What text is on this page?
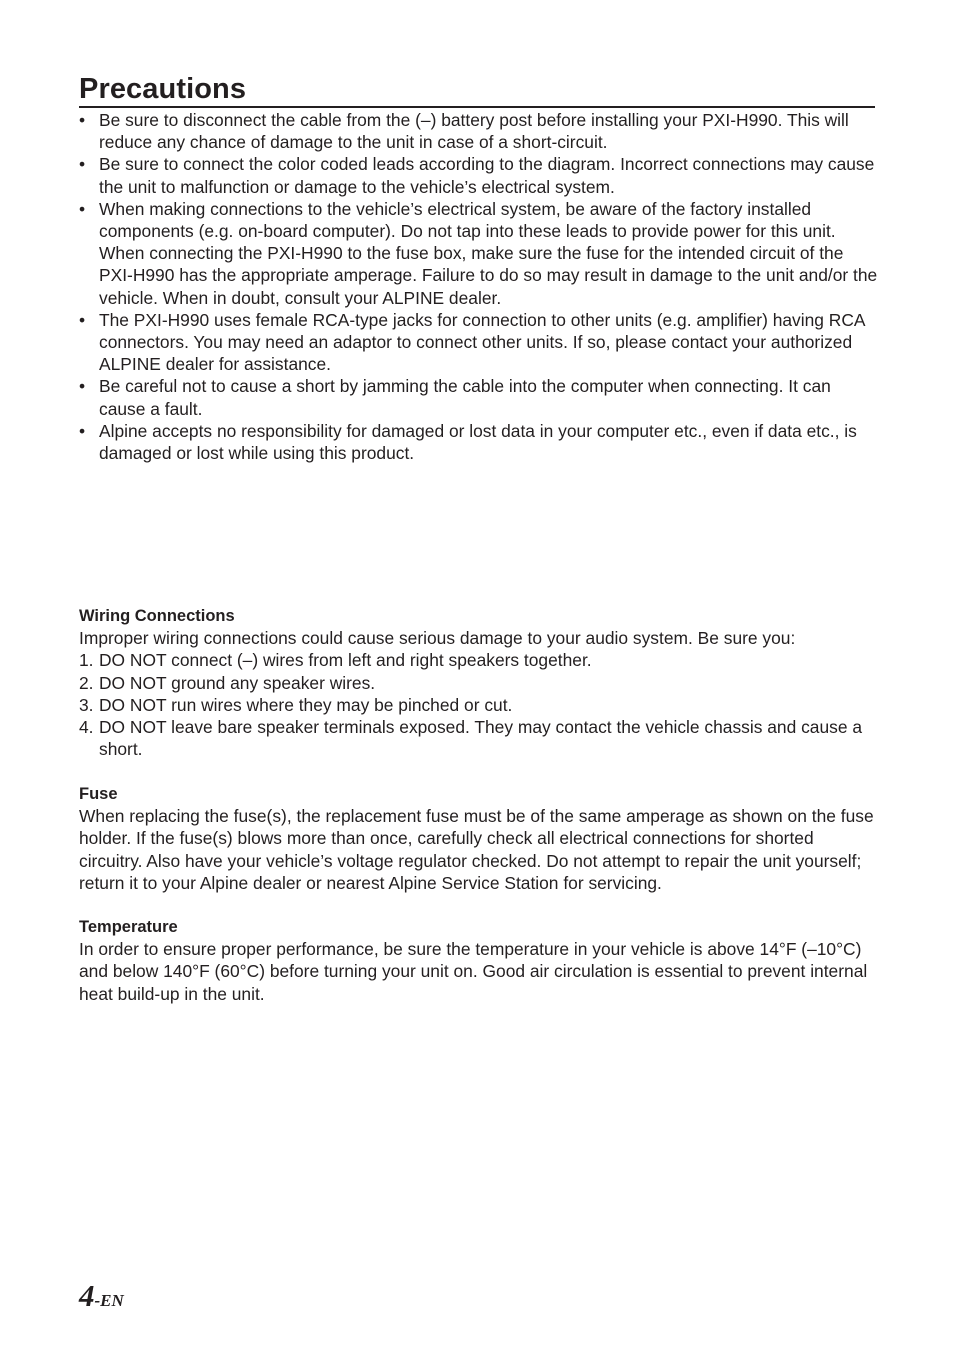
Precautions
• Be sure to disconnect the cable from the (–) battery post before installing your PXI-H990. This will reduce any chance of damage to the unit in case of a short-circuit.
• Be sure to connect the color coded leads according to the diagram. Incorrect connections may cause the unit to malfunction or damage to the vehicle’s electrical system.
• When making connections to the vehicle’s electrical system, be aware of the factory installed components (e.g. on-board computer). Do not tap into these leads to provide power for this unit. When connecting the PXI-H990 to the fuse box, make sure the fuse for the intended circuit of the PXI-H990 has the appropriate amperage. Failure to do so may result in damage to the unit and/or the vehicle. When in doubt, consult your ALPINE dealer.
• The PXI-H990 uses female RCA-type jacks for connection to other units (e.g. amplifier) having RCA connectors. You may need an adaptor to connect other units. If so, please contact your authorized ALPINE dealer for assistance.
• Be careful not to cause a short by jamming the cable into the computer when connecting. It can cause a fault.
• Alpine accepts no responsibility for damaged or lost data in your computer etc., even if data etc., is damaged or lost while using this product.
Wiring Connections

Improper wiring connections could cause serious damage to your audio system. Be sure you:

1. DO NOT connect (–) wires from left and right speakers together.
2. DO NOT ground any speaker wires.
3. DO NOT run wires where they may be pinched or cut.
4. DO NOT leave bare speaker terminals exposed. They may contact the vehicle chassis and cause a short.
Fuse

When replacing the fuse(s), the replacement fuse must be of the same amperage as shown on the fuse holder. If the fuse(s) blows more than once, carefully check all electrical connections for shorted circuitry. Also have your vehicle’s voltage regulator checked. Do not attempt to repair the unit yourself; return it to your Alpine dealer or nearest Alpine Service Station for servicing.

Temperature

In order to ensure proper performance, be sure the temperature in your vehicle is above 14°F (–10°C) and below 140°F (60°C) before turning your unit on. Good air circulation is essential to prevent internal heat build-up in the unit.

4-EN
